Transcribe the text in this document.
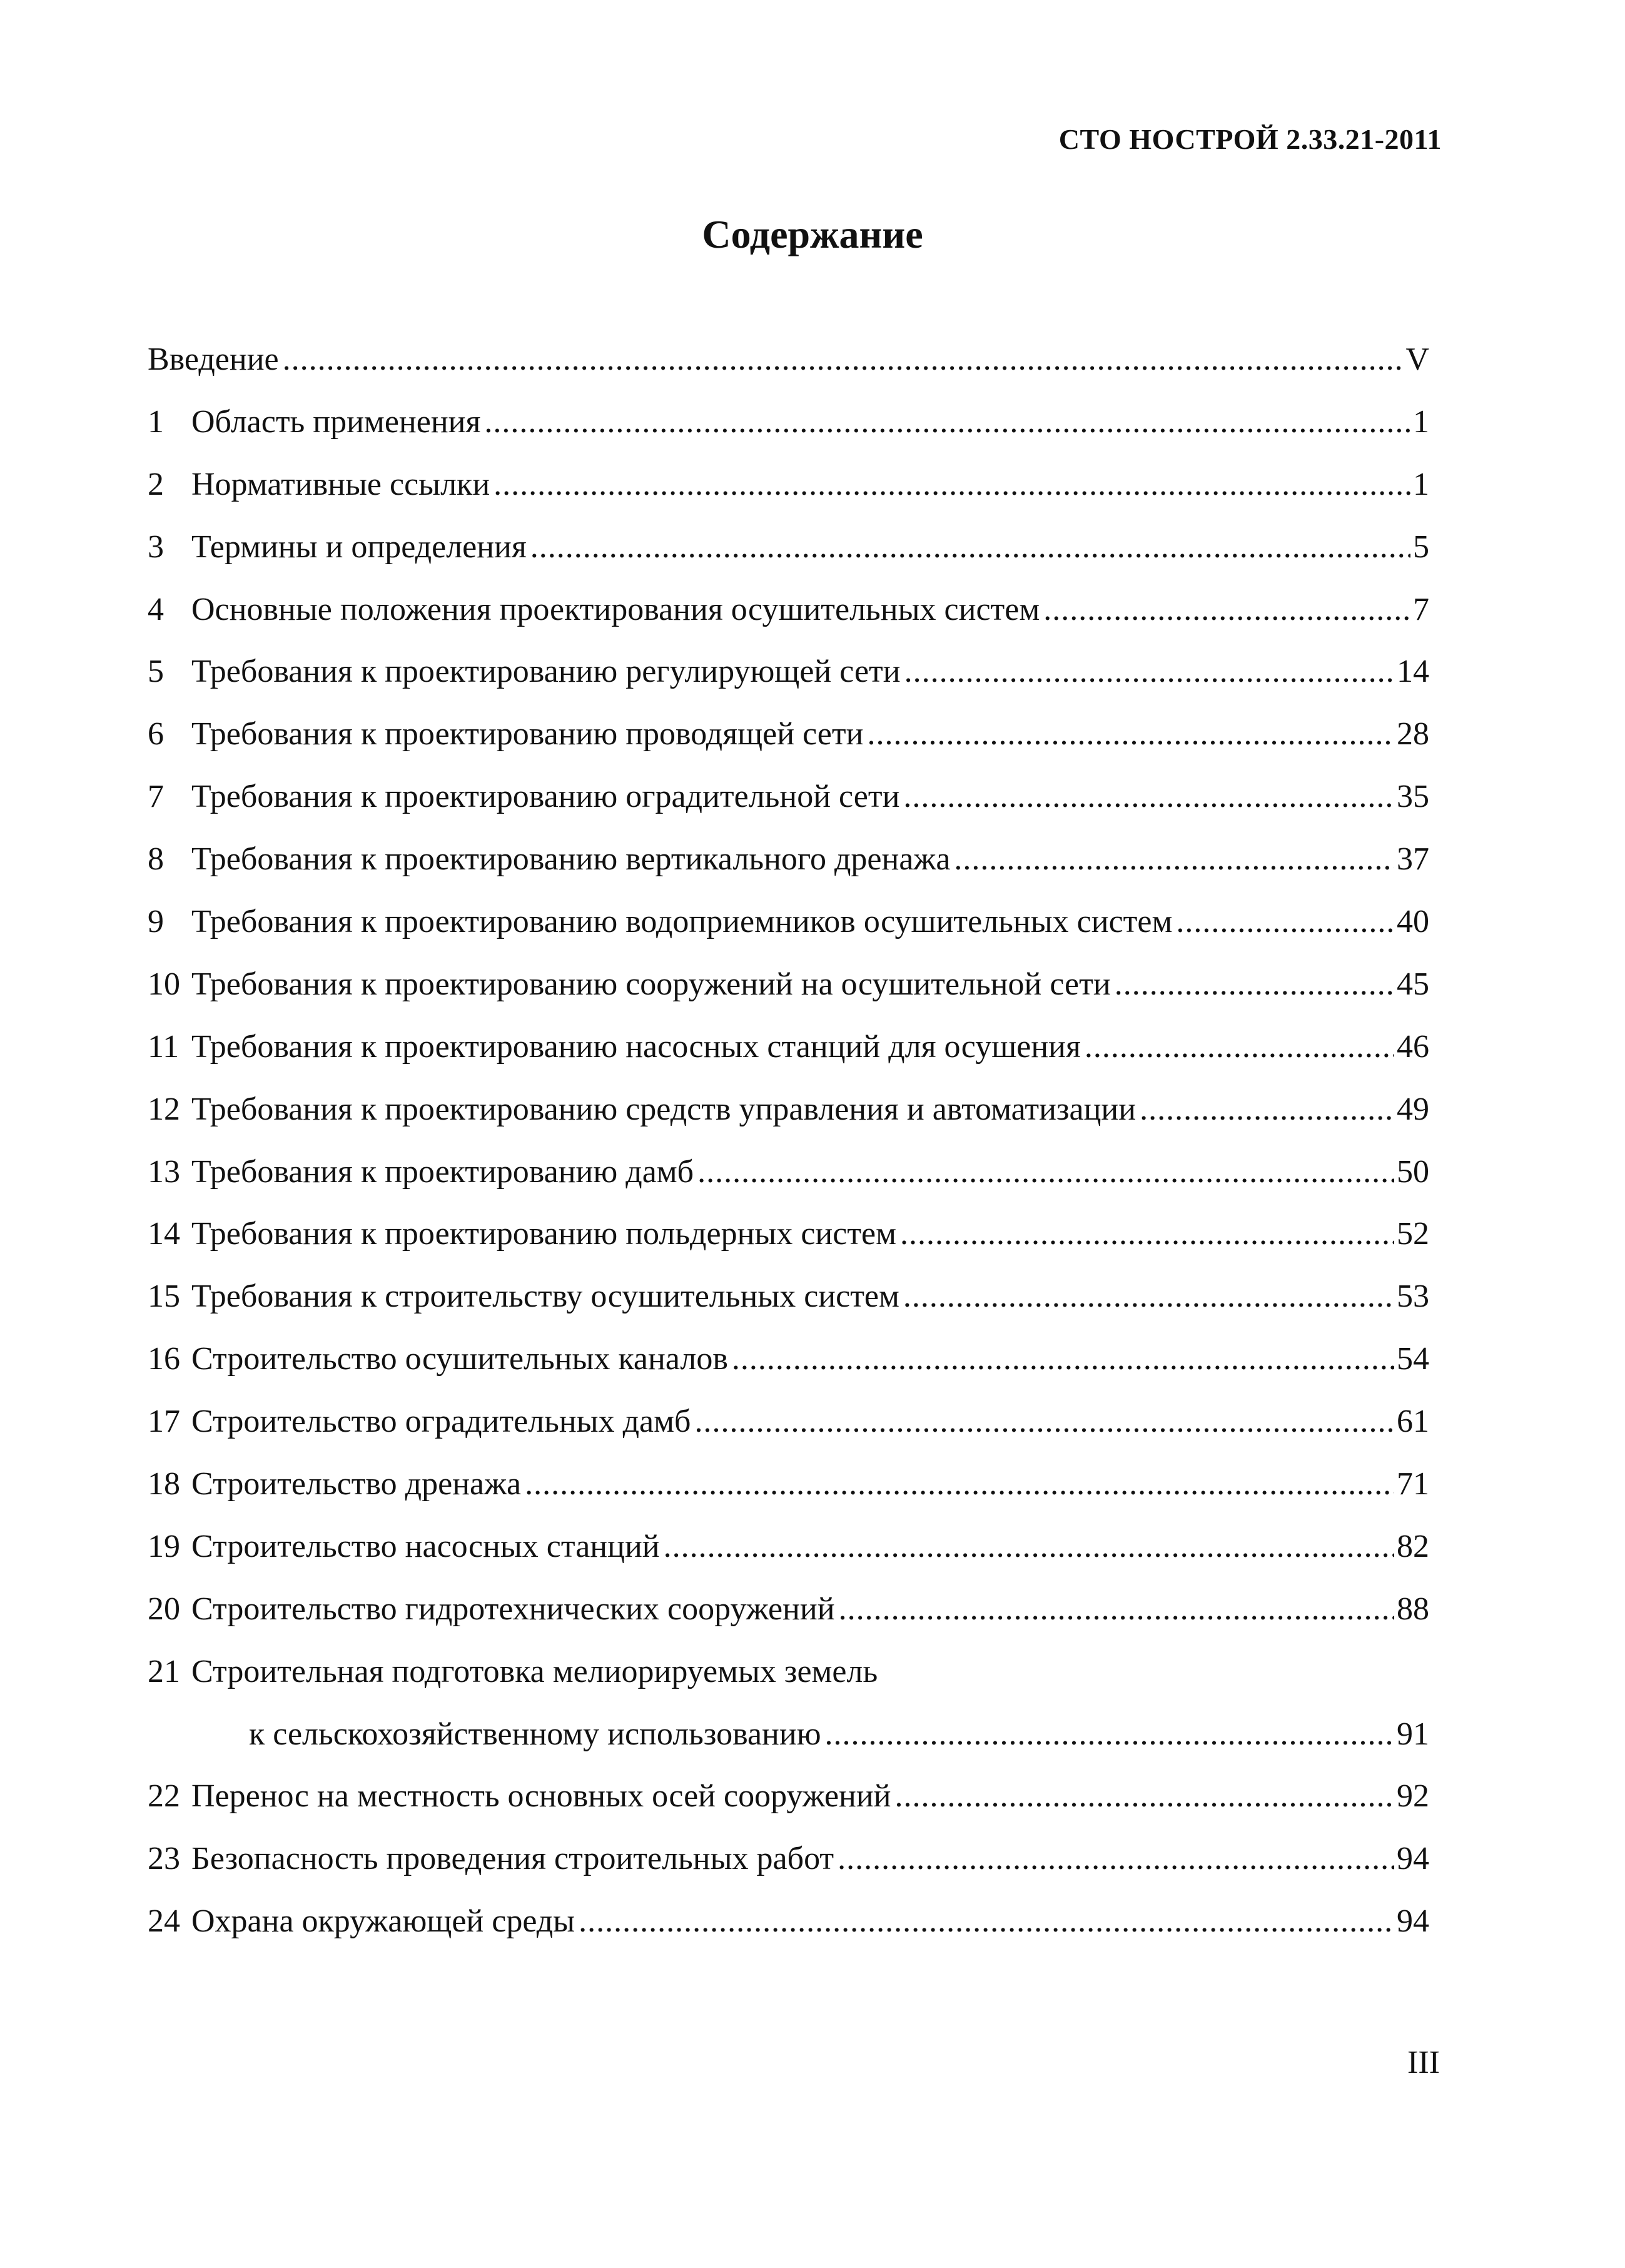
СТО НОСТРОЙ 2.33.21-2011
Содержание
Введение .....	V
1 Область применения .....	1
2 Нормативные ссылки .....	1
3 Термины и определения .....	5
4 Основные положения проектирования осушительных систем .....	7
5 Требования к проектированию регулирующей сети .....	14
6 Требования к проектированию проводящей сети .....	28
7 Требования к проектированию оградительной сети .....	35
8 Требования к проектированию вертикального дренажа .....	37
9 Требования к проектированию водоприемников осушительных систем .....	40
10 Требования к проектированию сооружений на осушительной сети .....	45
11 Требования к проектированию насосных станций для осушения .....	46
12 Требования к проектированию средств управления и автоматизации .....	49
13 Требования к проектированию дамб .....	50
14 Требования к проектированию польдерных систем .....	52
15 Требования к строительству осушительных систем .....	53
16 Строительство осушительных каналов .....	54
17 Строительство оградительных дамб .....	61
18 Строительство дренажа .....	71
19 Строительство насосных станций .....	82
20 Строительство гидротехнических сооружений .....	88
21 Строительная подготовка мелиорируемых земель
к сельскохозяйственному использованию .....	91
22 Перенос на местность основных осей сооружений .....	92
23 Безопасность проведения строительных работ .....	94
24 Охрана окружающей среды .....	94
III
